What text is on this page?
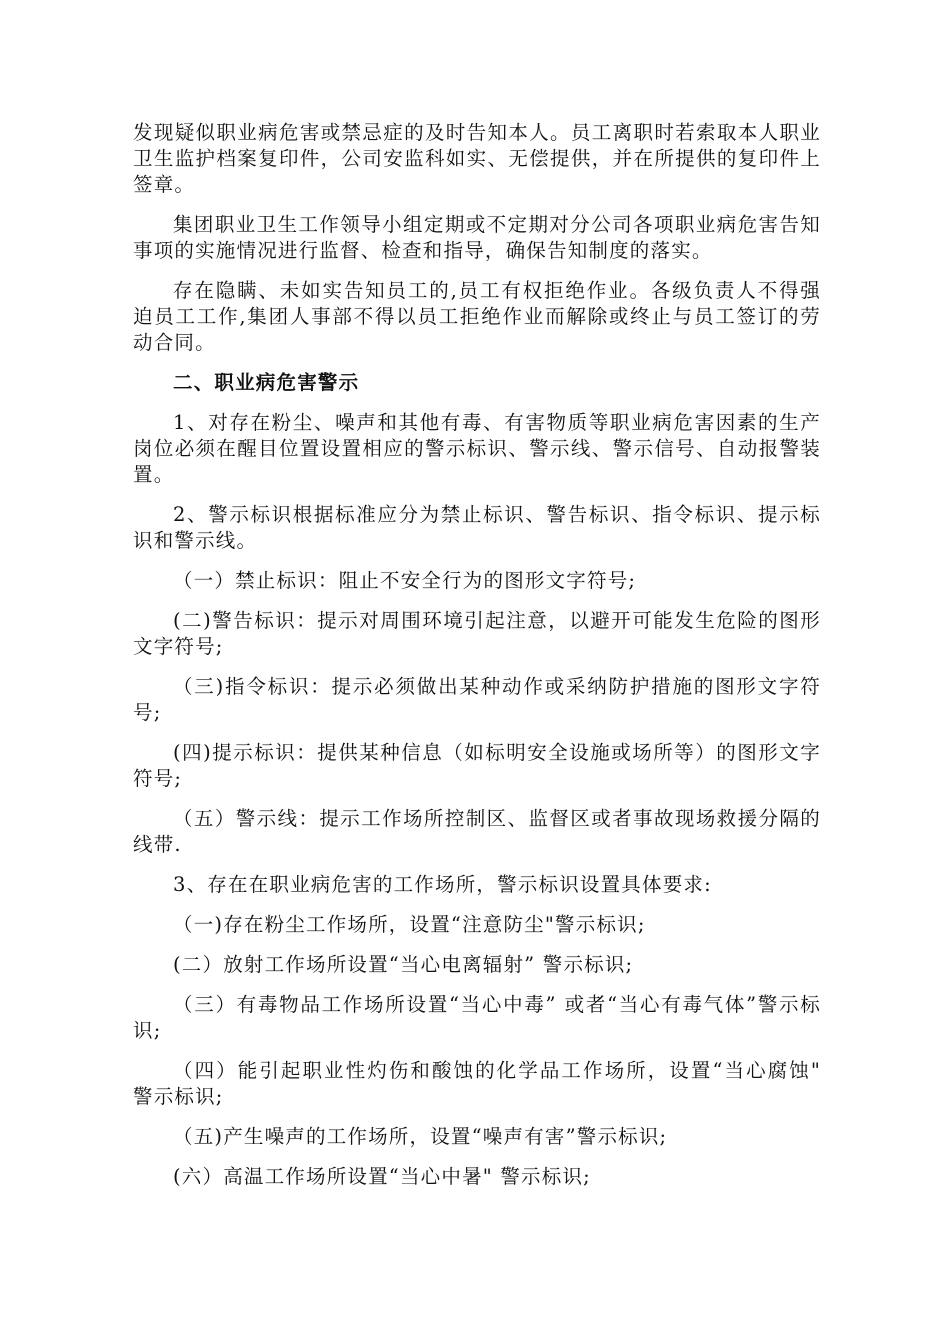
发现疑似职业病危害或禁忌症的及时告知本人。员工离职时若索取本人职业卫生监护档案复印件，公司安监科如实、无偿提供，并在所提供的复印件上签章。

集团职业卫生工作领导小组定期或不定期对分公司各项职业病危害告知事项的实施情况进行监督、检查和指导，确保告知制度的落实。

存在隐瞒、未如实告知员工的,员工有权拒绝作业。各级负责人不得强迫员工工作,集团人事部不得以员工拒绝作业而解除或终止与员工签订的劳动合同。

二、职业病危害警示

1、对存在粉尘、噪声和其他有毒、有害物质等职业病危害因素的生产岗位必须在醒目位置设置相应的警示标识、警示线、警示信号、自动报警装置。

2、警示标识根据标准应分为禁止标识、警告标识、指令标识、提示标识和警示线。

（一）禁止标识：阻止不安全行为的图形文字符号;

(二)警告标识：提示对周围环境引起注意，以避开可能发生危险的图形文字符号;

（三)指令标识：提示必须做出某种动作或采纳防护措施的图形文字符号;

(四)提示标识：提供某种信息（如标明安全设施或场所等）的图形文字符号;

（五）警示线：提示工作场所控制区、监督区或者事故现场救援分隔的线带.

3、存在在职业病危害的工作场所，警示标识设置具体要求:

（一)存在粉尘工作场所，设置“注意防尘"警示标识;

(二）放射工作场所设置“当心电离辐射” 警示标识;

（三）有毒物品工作场所设置“当心中毒” 或者“当心有毒气体”警示标识;

（四）能引起职业性灼伤和酸蚀的化学品工作场所，设置“当心腐蚀" 警示标识;

（五)产生噪声的工作场所，设置“噪声有害”警示标识;

(六）高温工作场所设置“当心中暑" 警示标识;
